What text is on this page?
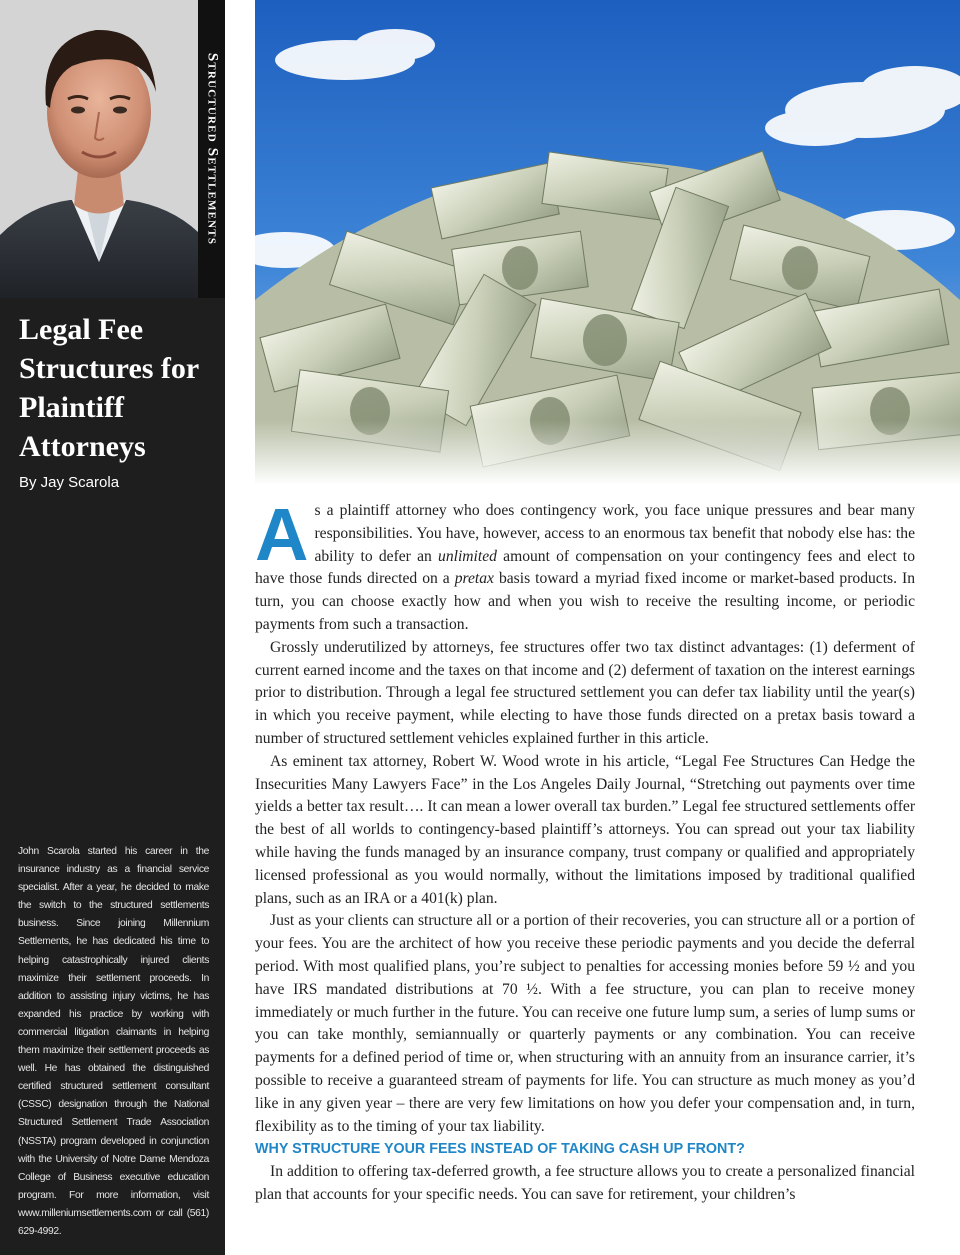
Structured Settlements
Legal Fee Structures for Plaintiff Attorneys
By Jay Scarola

John Scarola started his career in the insurance industry as a financial service specialist. After a year, he decided to make the switch to the structured settlements business. Since joining Millennium Settlements, he has dedicated his time to helping catastrophically injured clients maximize their settlement proceeds. In addition to assisting injury victims, he has expanded his practice by working with commercial litigation claimants in helping them maximize their settlement proceeds as well. He has obtained the distinguished certified structured settlement consultant (CSSC) designation through the National Structured Settlement Trade Association (NSSTA) program developed in conjunction with the University of Notre Dame Mendoza College of Business executive education program. For more information, visit www.milleniumsettlements.com or call (561) 629-4992.

As a plaintiff attorney who does contingency work, you face unique pressures and bear many responsibilities. You have, however, access to an enormous tax benefit that nobody else has: the ability to defer an unlimited amount of compensation on your contingency fees and elect to have those funds directed on a pretax basis toward a myriad fixed income or market-based products. In turn, you can choose exactly how and when you wish to receive the resulting income, or periodic payments from such a transaction.

Grossly underutilized by attorneys, fee structures offer two tax distinct advantages: (1) deferment of current earned income and the taxes on that income and (2) deferment of taxation on the interest earnings prior to distribution. Through a legal fee structured settlement you can defer tax liability until the year(s) in which you receive payment, while electing to have those funds directed on a pretax basis toward a number of structured settlement vehicles explained further in this article.

As eminent tax attorney, Robert W. Wood wrote in his article, “Legal Fee Structures Can Hedge the Insecurities Many Lawyers Face” in the Los Angeles Daily Journal, “Stretching out payments over time yields a better tax result…. It can mean a lower overall tax burden.” Legal fee structured settlements offer the best of all worlds to contingency-based plaintiff’s attorneys. You can spread out your tax liability while having the funds managed by an insurance company, trust company or qualified and appropriately licensed professional as you would normally, without the limitations imposed by traditional qualified plans, such as an IRA or a 401(k) plan.

Just as your clients can structure all or a portion of their recoveries, you can structure all or a portion of your fees. You are the architect of how you receive these periodic payments and you decide the deferral period. With most qualified plans, you’re subject to penalties for accessing monies before 59 ½ and you have IRS mandated distributions at 70 ½. With a fee structure, you can plan to receive money immediately or much further in the future. You can receive one future lump sum, a series of lump sums or you can take monthly, semiannually or quarterly payments or any combination. You can receive payments for a defined period of time or, when structuring with an annuity from an insurance carrier, it’s possible to receive a guaranteed stream of payments for life. You can structure as much money as you’d like in any given year – there are very few limitations on how you defer your compensation and, in turn, flexibility as to the timing of your tax liability.

WHY STRUCTURE YOUR FEES INSTEAD OF TAKING CASH UP FRONT?

In addition to offering tax-deferred growth, a fee structure allows you to create a personalized financial plan that accounts for your specific needs. You can save for retirement, your children’s
